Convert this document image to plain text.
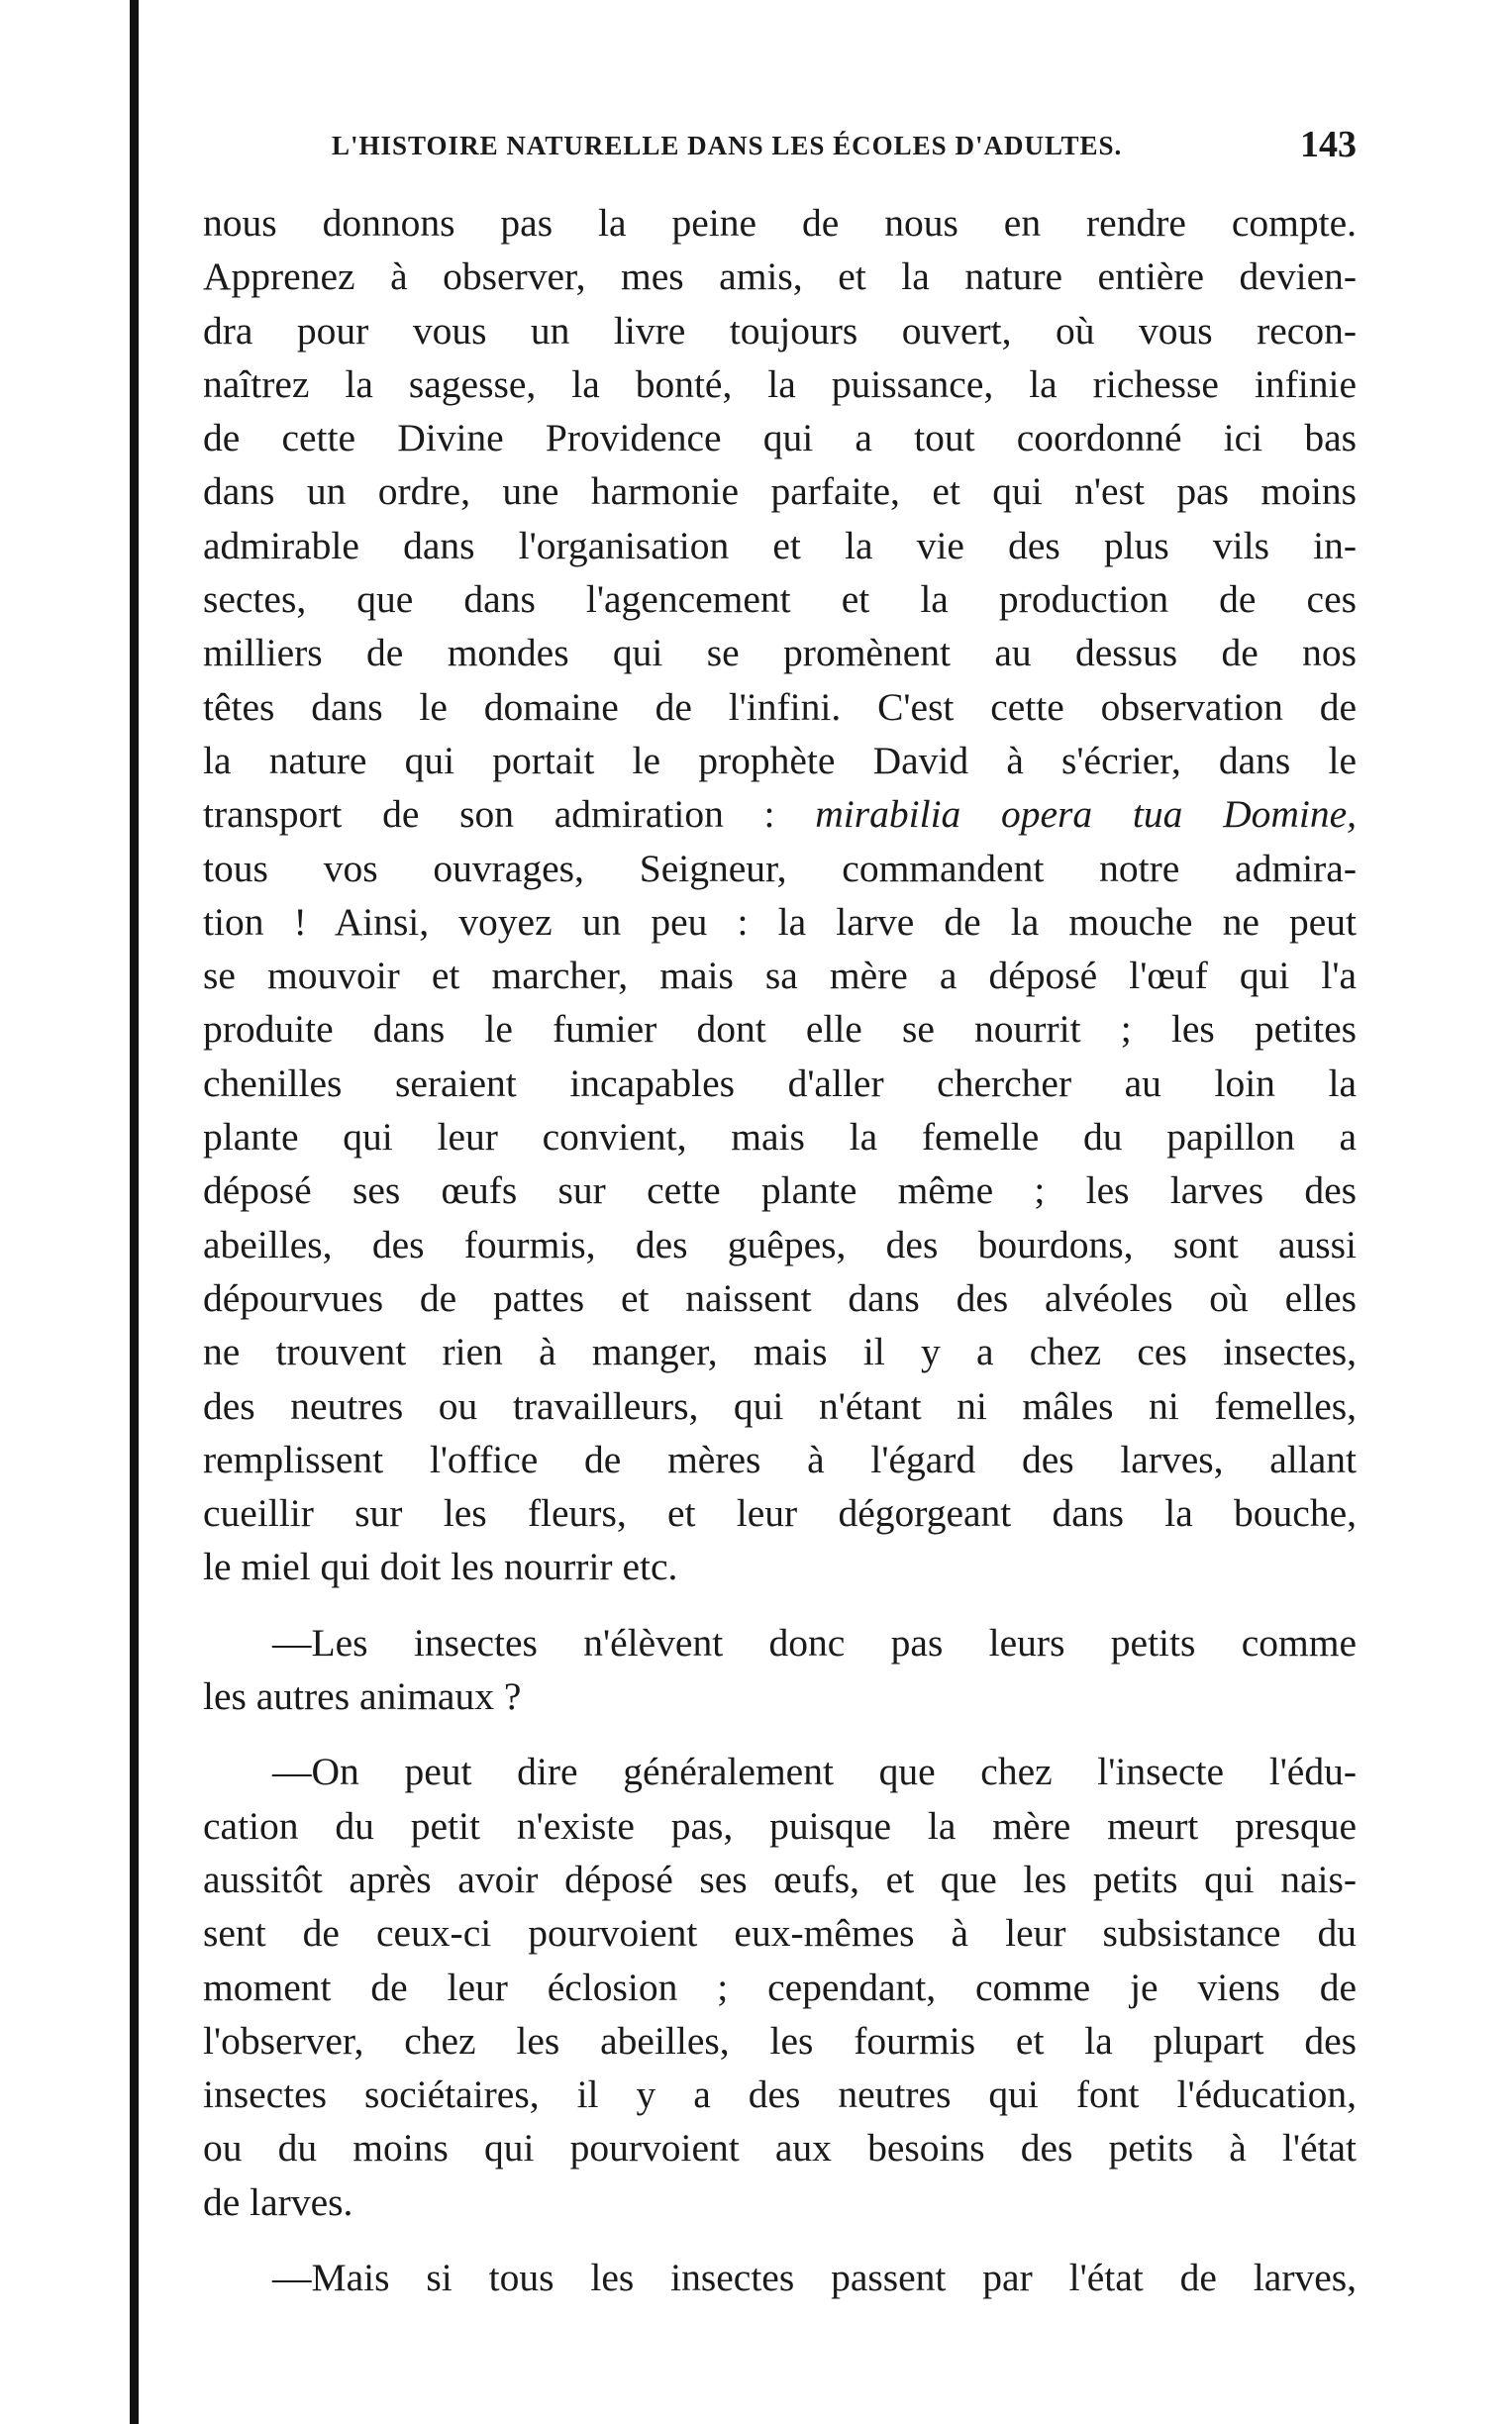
L'HISTOIRE NATURELLE DANS LES ÉCOLES D'ADULTES.	143
nous donnons pas la peine de nous en rendre compte.
Apprenez à observer, mes amis, et la nature entière devien-
dra pour vous un livre toujours ouvert, où vous recon-
naîtrez la sagesse, la bonté, la puissance, la richesse infinie
de cette Divine Providence qui a tout coordonné ici bas
dans un ordre, une harmonie parfaite, et qui n'est pas moins
admirable dans l'organisation et la vie des plus vils in-
sectes, que dans l'agencement et la production de ces
milliers de mondes qui se promènent au dessus de nos
têtes dans le domaine de l'infini. C'est cette observation de
la nature qui portait le prophète David à s'écrier, dans le
transport de son admiration : mirabilia opera tua Domine,
tous vos ouvrages, Seigneur, commandent notre admira-
tion ! Ainsi, voyez un peu : la larve de la mouche ne peut
se mouvoir et marcher, mais sa mère a déposé l'œuf qui l'a
produite dans le fumier dont elle se nourrit ; les petites
chenilles seraient incapables d'aller chercher au loin la
plante qui leur convient, mais la femelle du papillon a
déposé ses œufs sur cette plante même ; les larves des
abeilles, des fourmis, des guêpes, des bourdons, sont aussi
dépourvues de pattes et naissent dans des alvéoles où elles
ne trouvent rien à manger, mais il y a chez ces insectes,
des neutres ou travailleurs, qui n'étant ni mâles ni femelles,
remplissent l'office de mères à l'égard des larves, allant
cueillir sur les fleurs, et leur dégorgeant dans la bouche,
le miel qui doit les nourrir etc.
—Les insectes n'élèvent donc pas leurs petits comme
les autres animaux ?
—On peut dire généralement que chez l'insecte l'édu-
cation du petit n'existe pas, puisque la mère meurt presque
aussitôt après avoir déposé ses œufs, et que les petits qui nais-
sent de ceux-ci pourvoient eux-mêmes à leur subsistance du
moment de leur éclosion ; cependant, comme je viens de
l'observer, chez les abeilles, les fourmis et la plupart des
insectes sociétaires, il y a des neutres qui font l'éducation,
ou du moins qui pourvoient aux besoins des petits à l'état
de larves.
—Mais si tous les insectes passent par l'état de larves,
